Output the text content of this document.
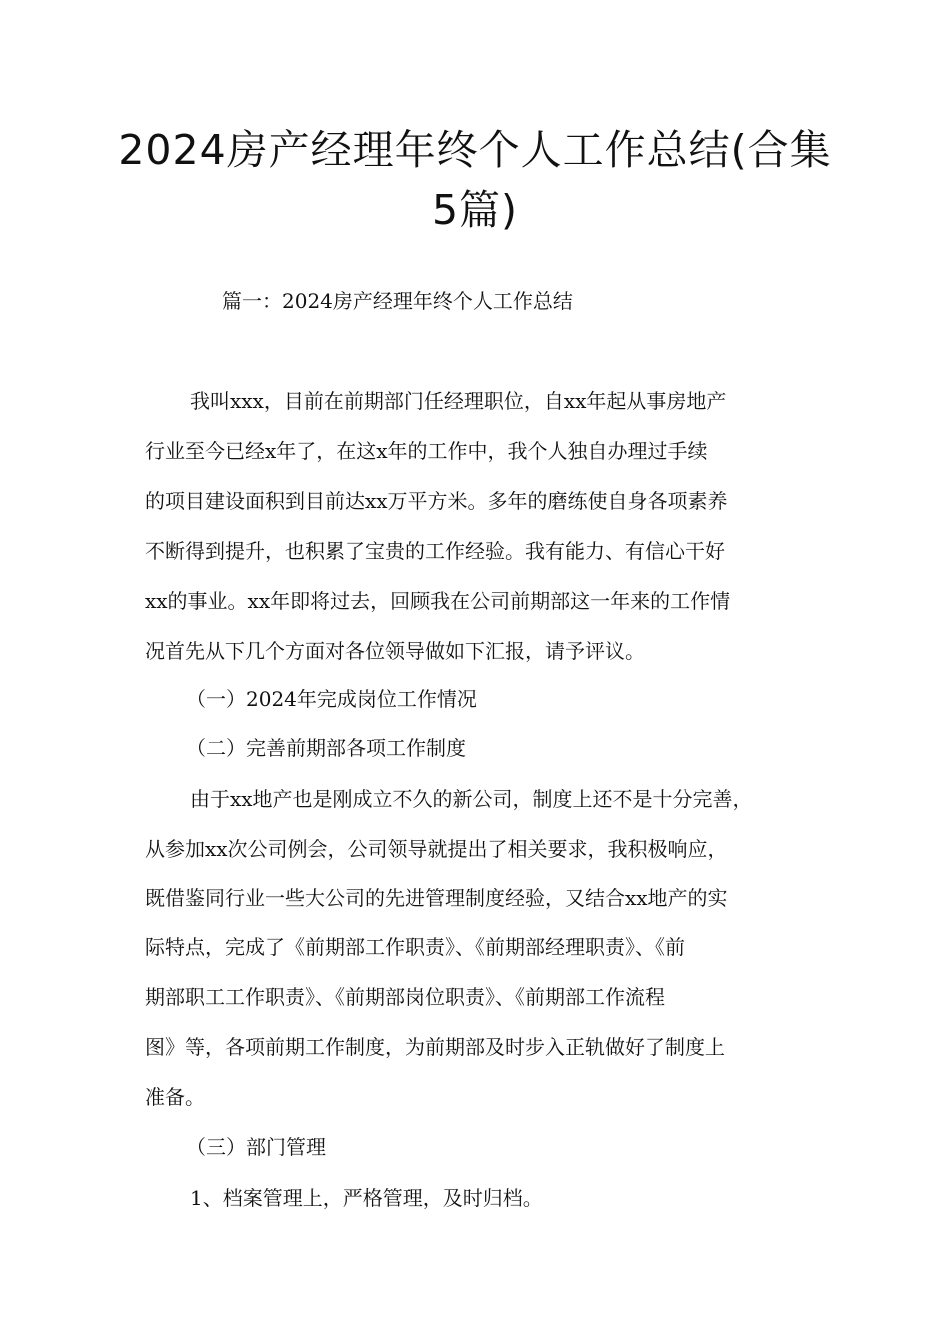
2024房产经理年终个人工作总结(合集
5篇)
篇一：2024房产经理年终个人工作总结
我叫xxx，目前在前期部门任经理职位，自xx年起从事房地产
行业至今已经x年了，在这x年的工作中，我个人独自办理过手续
的项目建设面积到目前达xx万平方米。多年的磨练使自身各项素养
不断得到提升，也积累了宝贵的工作经验。我有能力、有信心干好
xx的事业。xx年即将过去，回顾我在公司前期部这一年来的工作情
况首先从下几个方面对各位领导做如下汇报，请予评议。
（一）2024年完成岗位工作情况
（二）完善前期部各项工作制度
由于xx地产也是刚成立不久的新公司，制度上还不是十分完善，
从参加xx次公司例会，公司领导就提出了相关要求，我积极响应，
既借鉴同行业一些大公司的先进管理制度经验，又结合xx地产的实
际特点，完成了《前期部工作职责》、《前期部经理职责》、《前
期部职工工作职责》、《前期部岗位职责》、《前期部工作流程
图》等，各项前期工作制度，为前期部及时步入正轨做好了制度上
准备。
（三）部门管理
1、档案管理上，严格管理，及时归档。
